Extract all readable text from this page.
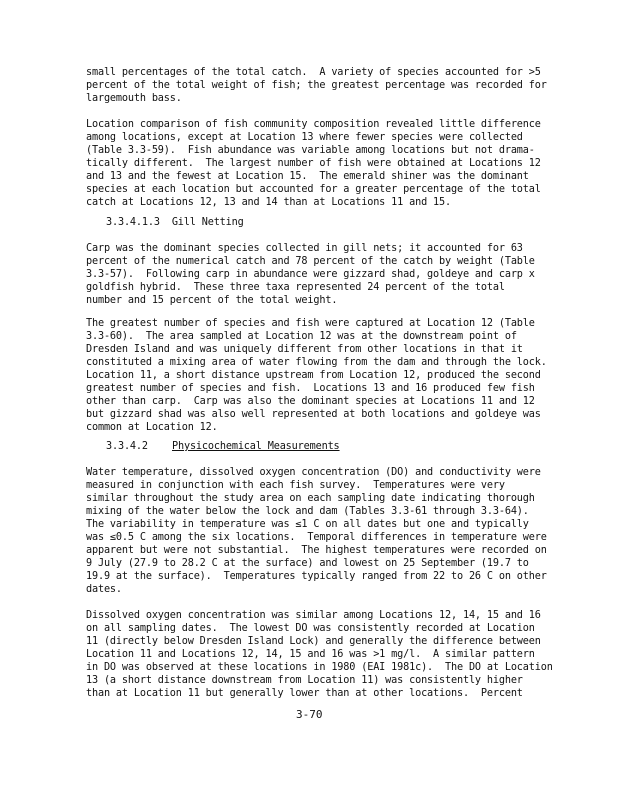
small percentages of the total catch.  A variety of species accounted for >5
percent of the total weight of fish; the greatest percentage was recorded for
largemouth bass.
Location comparison of fish community composition revealed little difference
among locations, except at Location 13 where fewer species were collected
(Table 3.3-59).  Fish abundance was variable among locations but not drama-
tically different.  The largest number of fish were obtained at Locations 12
and 13 and the fewest at Location 15.  The emerald shiner was the dominant
species at each location but accounted for a greater percentage of the total
catch at Locations 12, 13 and 14 than at Locations 11 and 15.
3.3.4.1.3  Gill Netting
Carp was the dominant species collected in gill nets; it accounted for 63
percent of the numerical catch and 78 percent of the catch by weight (Table
3.3-57).  Following carp in abundance were gizzard shad, goldeye and carp x
goldfish hybrid.  These three taxa represented 24 percent of the total
number and 15 percent of the total weight.
The greatest number of species and fish were captured at Location 12 (Table
3.3-60).  The area sampled at Location 12 was at the downstream point of
Dresden Island and was uniquely different from other locations in that it
constituted a mixing area of water flowing from the dam and through the lock.
Location 11, a short distance upstream from Location 12, produced the second
greatest number of species and fish.  Locations 13 and 16 produced few fish
other than carp.  Carp was also the dominant species at Locations 11 and 12
but gizzard shad was also well represented at both locations and goldeye was
common at Location 12.
3.3.4.2 Physicochemical Measurements
Water temperature, dissolved oxygen concentration (DO) and conductivity were
measured in conjunction with each fish survey.  Temperatures were very
similar throughout the study area on each sampling date indicating thorough
mixing of the water below the lock and dam (Tables 3.3-61 through 3.3-64).
The variability in temperature was ≤1 C on all dates but one and typically
was ≤0.5 C among the six locations.  Temporal differences in temperature were
apparent but were not substantial.  The highest temperatures were recorded on
9 July (27.9 to 28.2 C at the surface) and lowest on 25 September (19.7 to
19.9 at the surface).  Temperatures typically ranged from 22 to 26 C on other
dates.
Dissolved oxygen concentration was similar among Locations 12, 14, 15 and 16
on all sampling dates.  The lowest DO was consistently recorded at Location
11 (directly below Dresden Island Lock) and generally the difference between
Location 11 and Locations 12, 14, 15 and 16 was >1 mg/l.  A similar pattern
in DO was observed at these locations in 1980 (EAI 1981c).  The DO at Location
13 (a short distance downstream from Location 11) was consistently higher
than at Location 11 but generally lower than at other locations.  Percent
3-70
